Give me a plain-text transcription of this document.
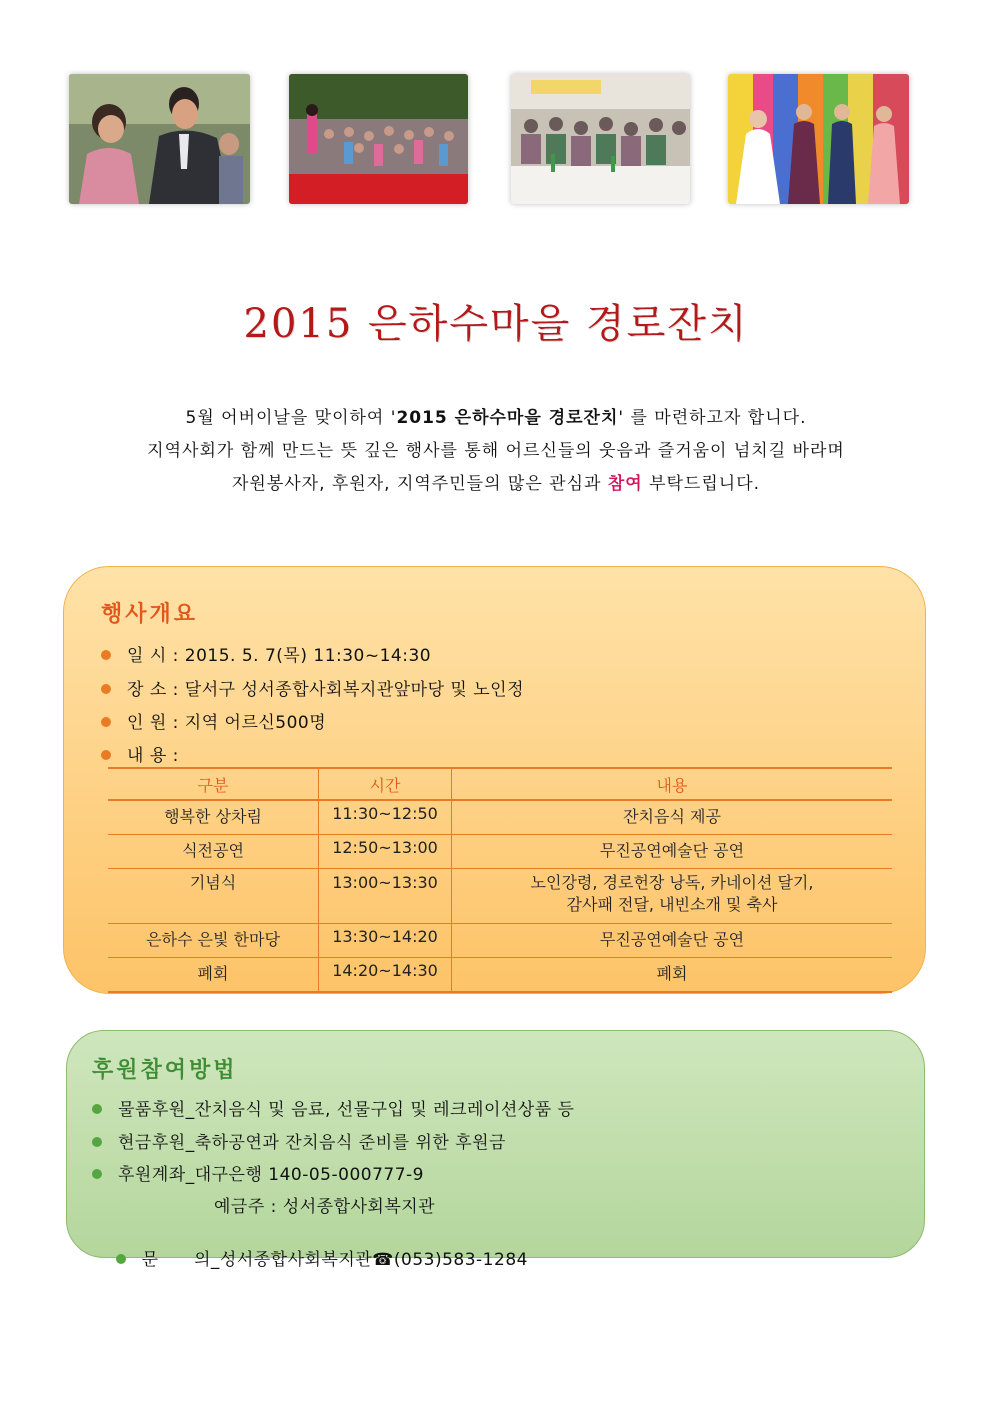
2015 은하수마을 경로잔치
5월 어버이날을 맞이하여 '2015 은하수마을 경로잔치' 를 마련하고자 합니다.
지역사회가 함께 만드는 뜻 깊은 행사를 통해 어르신들의 웃음과 즐거움이 넘치길 바라며
자원봉사자, 후원자, 지역주민들의 많은 관심과 참여 부탁드립니다.
행사개요
일 시 : 2015. 5. 7(목) 11:30~14:30
장 소 : 달서구 성서종합사회복지관앞마당 및 노인정
인 원 : 지역 어르신500명
내 용 :
구분	시간	내용
행복한 상차림	11:30~12:50	잔치음식 제공
식전공연	12:50~13:00	무진공연예술단 공연
기념식	13:00~13:30	노인강령, 경로헌장 낭독, 카네이션 달기,
감사패 전달, 내빈소개 및 축사

은하수 은빛 한마당	13:30~14:20	무진공연예술단 공연
폐회	14:20~14:30	폐회
후원참여방법
물품후원_잔치음식 및 음료, 선물구입 및 레크레이션상품 등
현금후원_축하공연과 잔치음식 준비를 위한 후원금
후원계좌_대구은행 140-05-000777-9
예금주 : 성서종합사회복지관

문      의_성서종합사회복지관☎(053)583-1284
